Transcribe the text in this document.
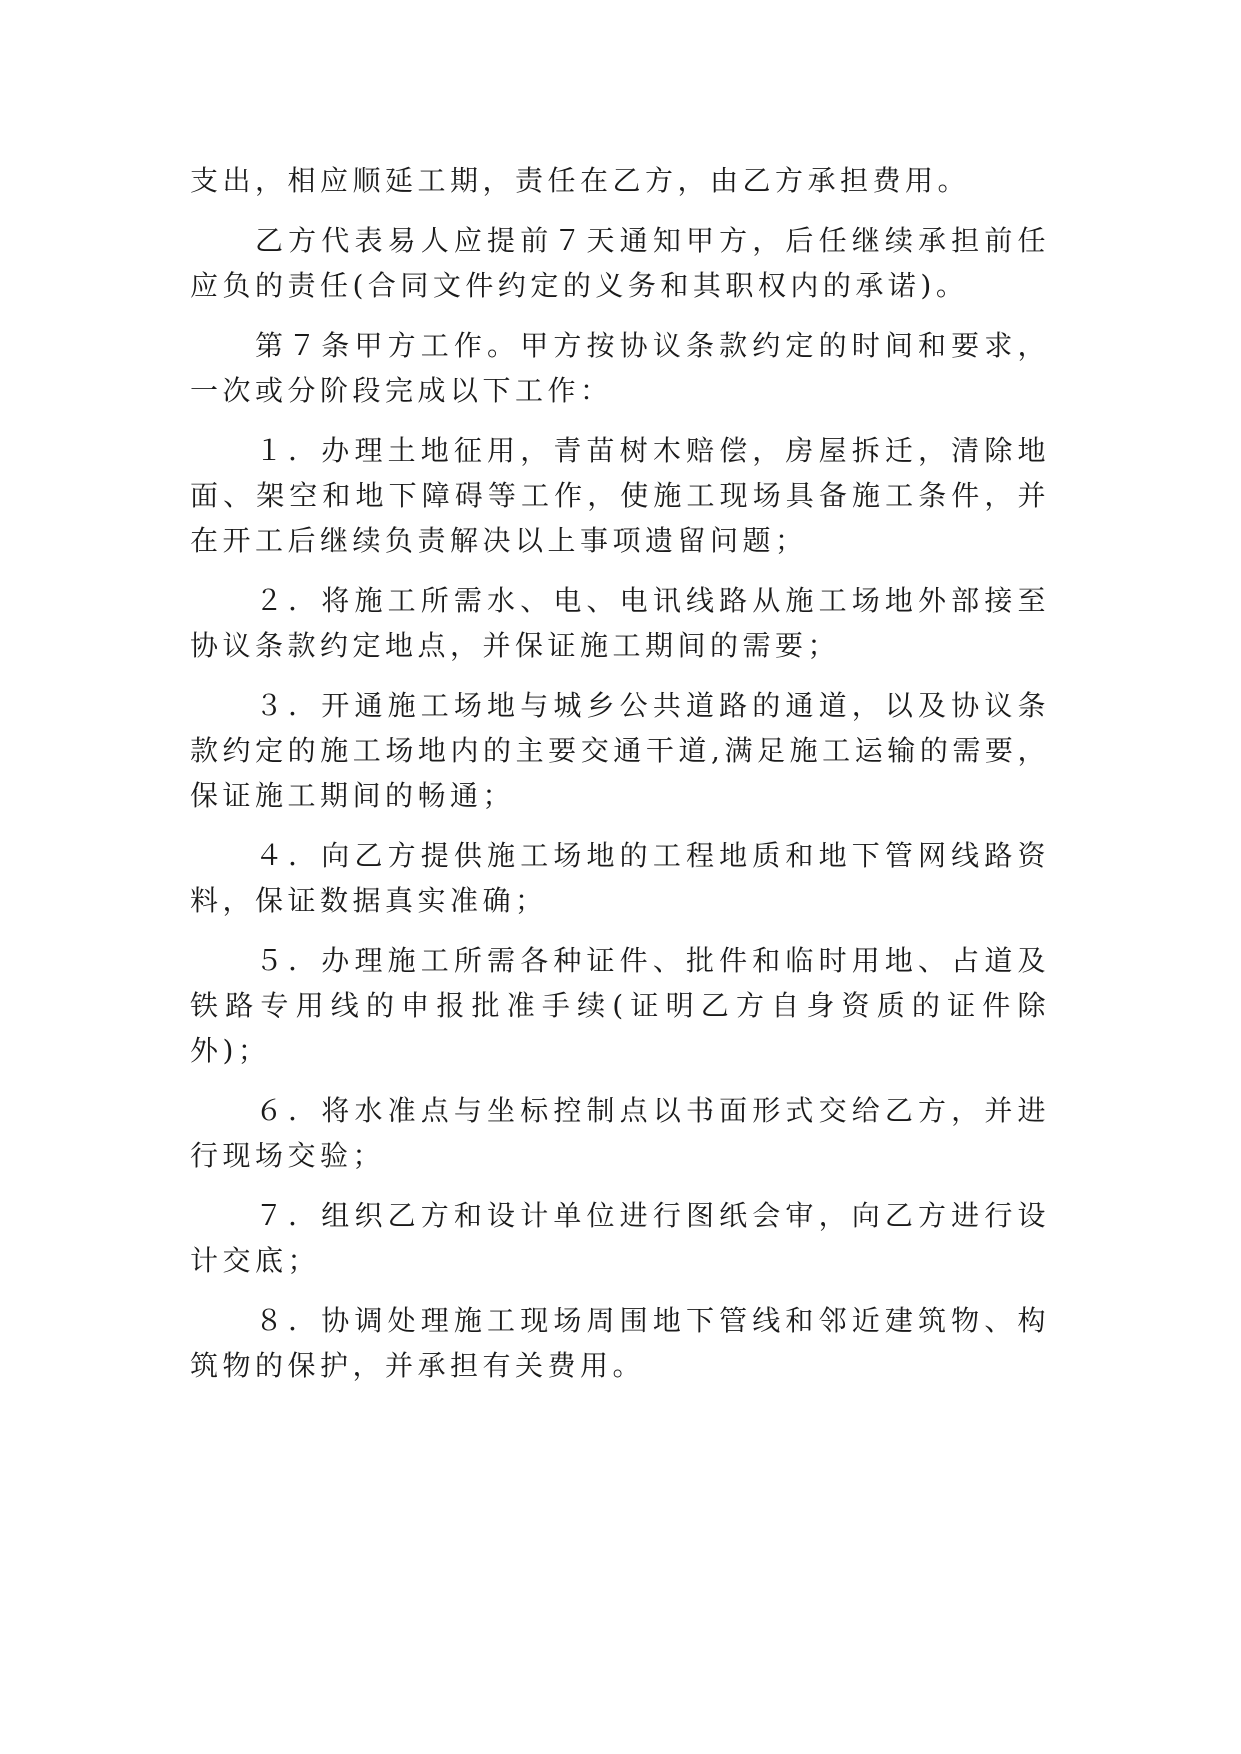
支出，相应顺延工期，责任在乙方，由乙方承担费用。

乙方代表易人应提前７天通知甲方，后任继续承担前任应负的责任(合同文件约定的义务和其职权内的承诺)。

第７条甲方工作。甲方按协议条款约定的时间和要求，一次或分阶段完成以下工作：

１．办理土地征用，青苗树木赔偿，房屋拆迁，清除地面、架空和地下障碍等工作，使施工现场具备施工条件，并在开工后继续负责解决以上事项遗留问题；

２．将施工所需水、电、电讯线路从施工场地外部接至协议条款约定地点，并保证施工期间的需要；

３．开通施工场地与城乡公共道路的通道，以及协议条款约定的施工场地内的主要交通干道,满足施工运输的需要，保证施工期间的畅通；

４．向乙方提供施工场地的工程地质和地下管网线路资料，保证数据真实准确；

５．办理施工所需各种证件、批件和临时用地、占道及铁路专用线的申报批准手续(证明乙方自身资质的证件除外)；

６．将水准点与坐标控制点以书面形式交给乙方，并进行现场交验；

７．组织乙方和设计单位进行图纸会审，向乙方进行设计交底；

８．协调处理施工现场周围地下管线和邻近建筑物、构筑物的保护，并承担有关费用。
